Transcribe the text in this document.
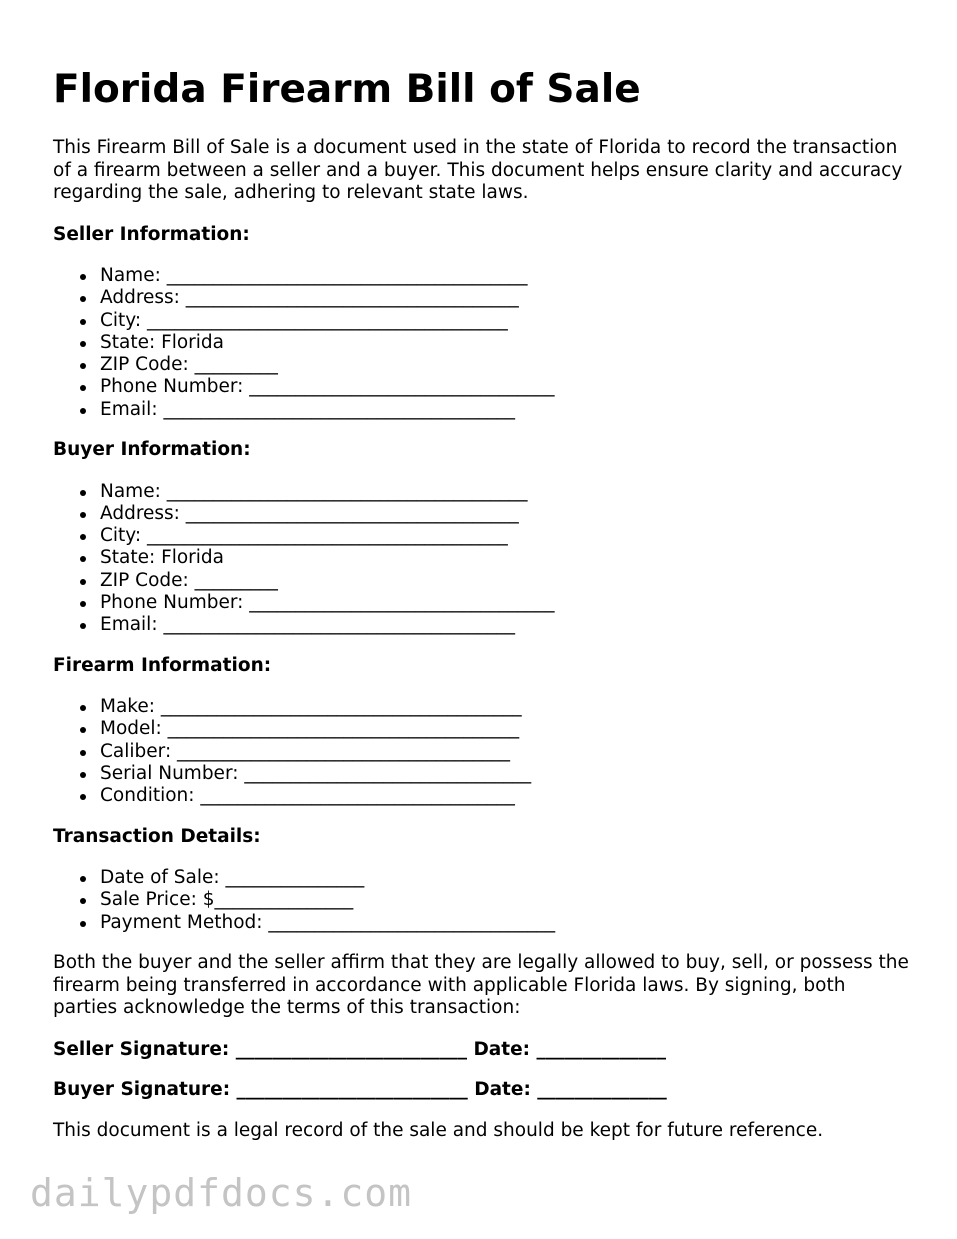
Florida Firearm Bill of Sale

This Firearm Bill of Sale is a document used in the state of Florida to record the transaction of a firearm between a seller and a buyer. This document helps ensure clarity and accuracy regarding the sale, adhering to relevant state laws.

Seller Information:
Name: _______________________________________
Address: ____________________________________
City: _______________________________________
State: Florida
ZIP Code: _________
Phone Number: _________________________________
Email: ______________________________________
Buyer Information:
Name: _______________________________________
Address: ____________________________________
City: _______________________________________
State: Florida
ZIP Code: _________
Phone Number: _________________________________
Email: ______________________________________
Firearm Information:
Make: _______________________________________
Model: ______________________________________
Caliber: ____________________________________
Serial Number: _______________________________
Condition: __________________________________
Transaction Details:
Date of Sale: _______________
Sale Price: $_______________
Payment Method: _______________________________

Both the buyer and the seller affirm that they are legally allowed to buy, sell, or possess the firearm being transferred in accordance with applicable Florida laws. By signing, both parties acknowledge the terms of this transaction:

Seller Signature: _________________________ Date: ______________
Buyer Signature: _________________________ Date: ______________

This document is a legal record of the sale and should be kept for future reference.

dailypdfdocs.com
